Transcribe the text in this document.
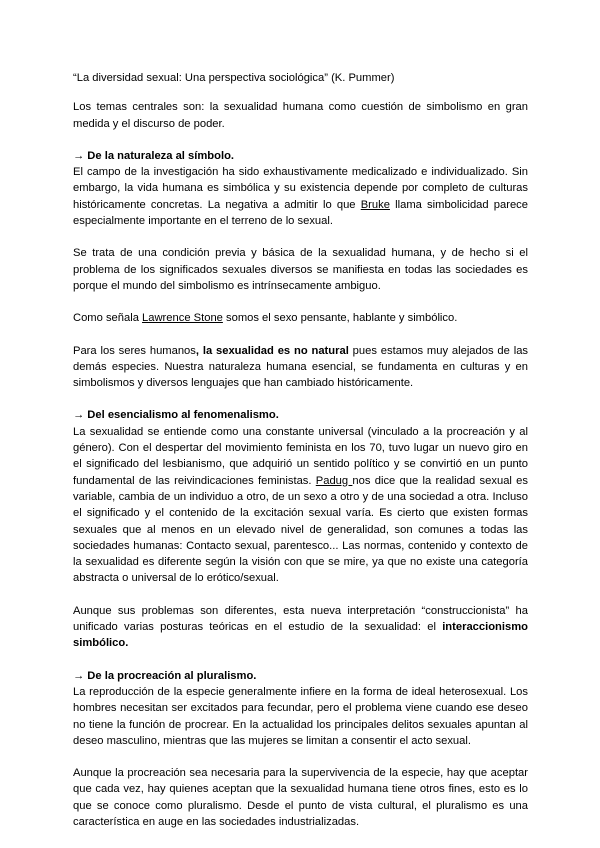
“La diversidad sexual: Una perspectiva sociológica” (K. Pummer)

Los temas centrales son: la sexualidad humana como cuestión de simbolismo en gran medida y el discurso de poder.

→ De la naturaleza al símbolo.

El campo de la investigación ha sido exhaustivamente medicalizado e individualizado. Sin embargo, la vida humana es simbólica y su existencia depende por completo de culturas históricamente concretas. La negativa a admitir lo que Bruke llama simbolicidad parece especialmente importante en el terreno de lo sexual.

Se trata de una condición previa y básica de la sexualidad humana, y de hecho si el problema de los significados sexuales diversos se manifiesta en todas las sociedades es porque el mundo del simbolismo es intrínsecamente ambiguo.

Como señala Lawrence Stone somos el sexo pensante, hablante y simbólico.

Para los seres humanos, la sexualidad es no natural pues estamos muy alejados de las demás especies. Nuestra naturaleza humana esencial, se fundamenta en culturas y en simbolismos y diversos lenguajes que han cambiado históricamente.

→ Del esencialismo al fenomenalismo.

La sexualidad se entiende como una constante universal (vinculado a la procreación y al género). Con el despertar del movimiento feminista en los 70, tuvo lugar un nuevo giro en el significado del lesbianismo, que adquirió un sentido político y se convirtió en un punto fundamental de las reivindicaciones feministas. Padug nos dice que la realidad sexual es variable, cambia de un individuo a otro, de un sexo a otro y de una sociedad a otra. Incluso el significado y el contenido de la excitación sexual varía. Es cierto que existen formas sexuales que al menos en un elevado nivel de generalidad, son comunes a todas las sociedades humanas: Contacto sexual, parentesco... Las normas, contenido y contexto de la sexualidad es diferente según la visión con que se mire, ya que no existe una categoría abstracta o universal de lo erótico/sexual.

Aunque sus problemas son diferentes, esta nueva interpretación “construccionista” ha unificado varias posturas teóricas en el estudio de la sexualidad: el interaccionismo simbólico.

→ De la procreación al pluralismo.

La reproducción de la especie generalmente infiere en la forma de ideal heterosexual. Los hombres necesitan ser excitados para fecundar, pero el problema viene cuando ese deseo no tiene la función de procrear. En la actualidad los principales delitos sexuales apuntan al deseo masculino, mientras que las mujeres se limitan a consentir el acto sexual.

Aunque la procreación sea necesaria para la supervivencia de la especie, hay que aceptar que cada vez, hay quienes aceptan que la sexualidad humana tiene otros fines, esto es lo que se conoce como pluralismo. Desde el punto de vista cultural, el pluralismo es una característica en auge en las sociedades industrializadas.
